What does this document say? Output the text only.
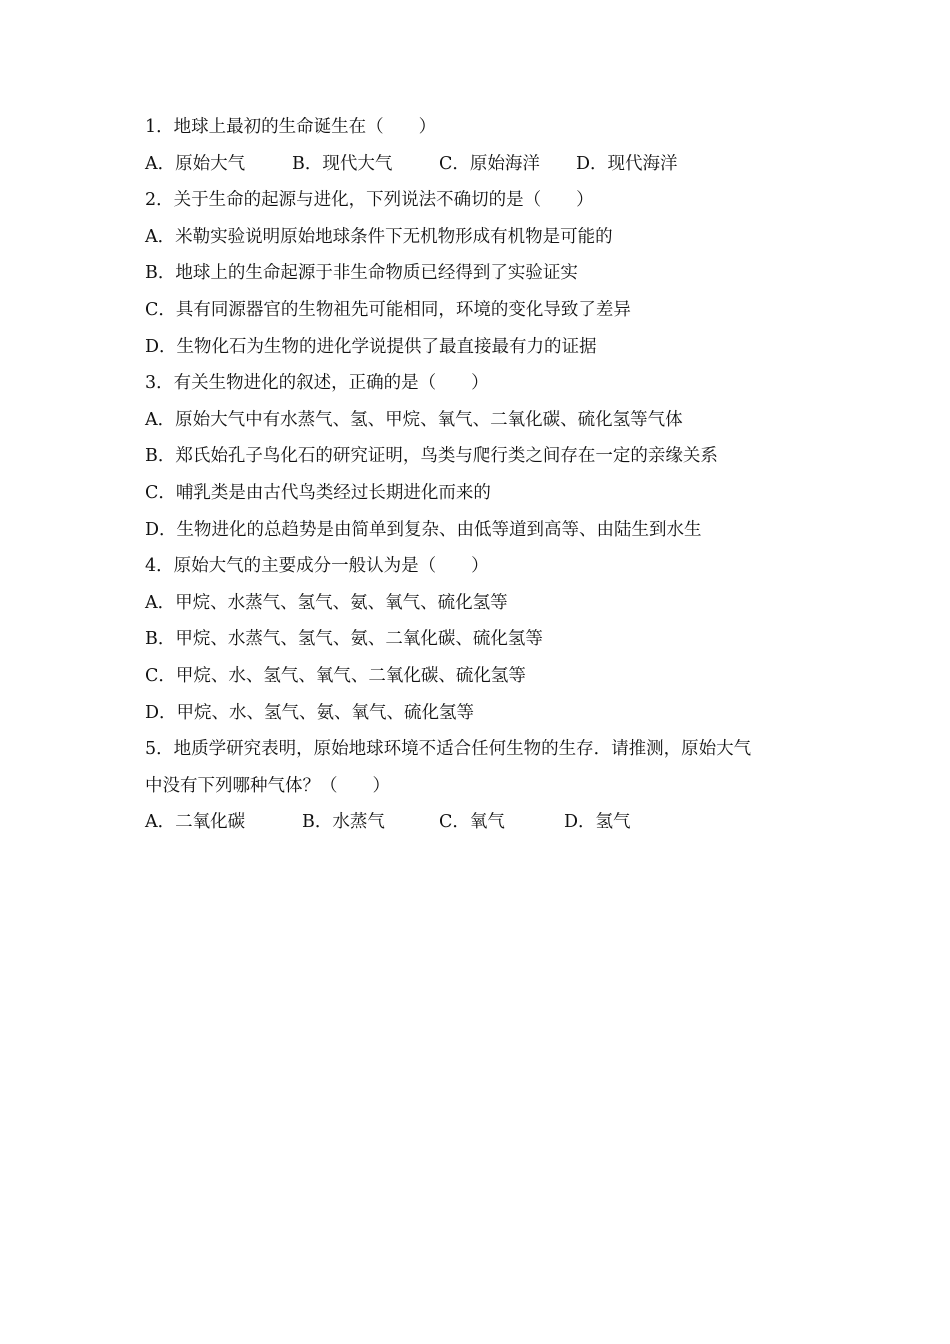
1．地球上最初的生命诞生在（　　）
A．原始大气	B．现代大气	C．原始海洋	D．现代海洋
2．关于生命的起源与进化，下列说法不确切的是（　　）
A．米勒实验说明原始地球条件下无机物形成有机物是可能的
B．地球上的生命起源于非生命物质已经得到了实验证实
C．具有同源器官的生物祖先可能相同，环境的变化导致了差异
D．生物化石为生物的进化学说提供了最直接最有力的证据
3．有关生物进化的叙述，正确的是（　　）
A．原始大气中有水蒸气、氢、甲烷、氧气、二氧化碳、硫化氢等气体
B．郑氏始孔子鸟化石的研究证明，鸟类与爬行类之间存在一定的亲缘关系
C．哺乳类是由古代鸟类经过长期进化而来的
D．生物进化的总趋势是由简单到复杂、由低等道到高等、由陆生到水生
4．原始大气的主要成分一般认为是（　　）
A．甲烷、水蒸气、氢气、氨、氧气、硫化氢等
B．甲烷、水蒸气、氢气、氨、二氧化碳、硫化氢等
C．甲烷、水、氢气、氧气、二氧化碳、硫化氢等
D．甲烷、水、氢气、氨、氧气、硫化氢等
5．地质学研究表明，原始地球环境不适合任何生物的生存．请推测，原始大气
中没有下列哪种气体？（　　）
A．二氧化碳	B．水蒸气	C．氧气	D．氢气
